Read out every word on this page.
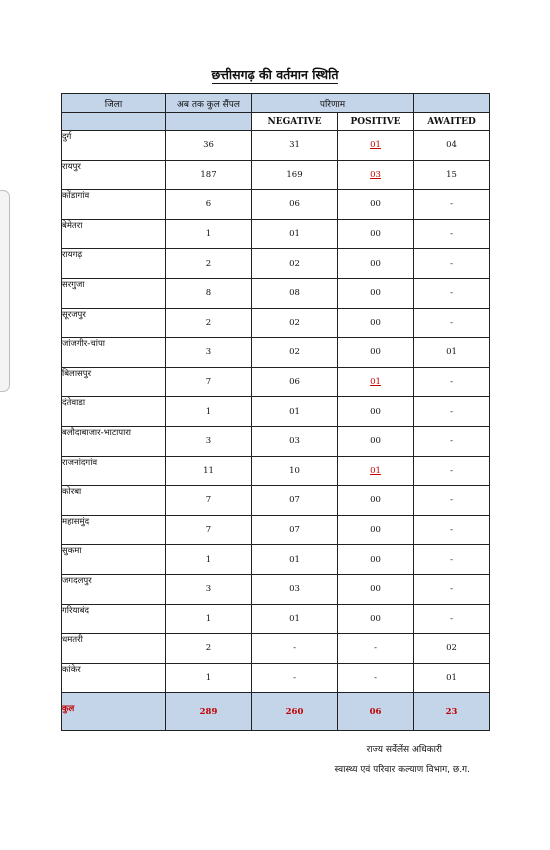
छत्तीसगढ़ की वर्तमान स्थिति
जिला	अब तक कुल सैंपल	परिणाम		
		NEGATIVE	POSITIVE	AWAITED
दुर्ग	36	31	01	04
रायपुर	187	169	03	15
कोंडागांव	6	06	00	-
बेमेतरा	1	01	00	-
रायगढ़	2	02	00	-
सरगुजा	8	08	00	-
सूरजपुर	2	02	00	-
जांजगीर-चांपा	3	02	00	01
बिलासपुर	7	06	01	-
दंतेवाडा	1	01	00	-
बलौदाबाजार-भाटापारा	3	03	00	-
राजनांदगांव	11	10	01	-
कोरबा	7	07	00	-
महासमुंद	7	07	00	-
सुकमा	1	01	00	-
जगदलपुर	3	03	00	-
गरियाबंद	1	01	00	-
धमतरी	2	-	-	02
कांकेर	1	-	-	01
कुल	289	260	06	23
राज्य सर्वेलेंस अधिकारी
स्वास्थ्य एवं परिवार कल्याण विभाग, छ.ग.
